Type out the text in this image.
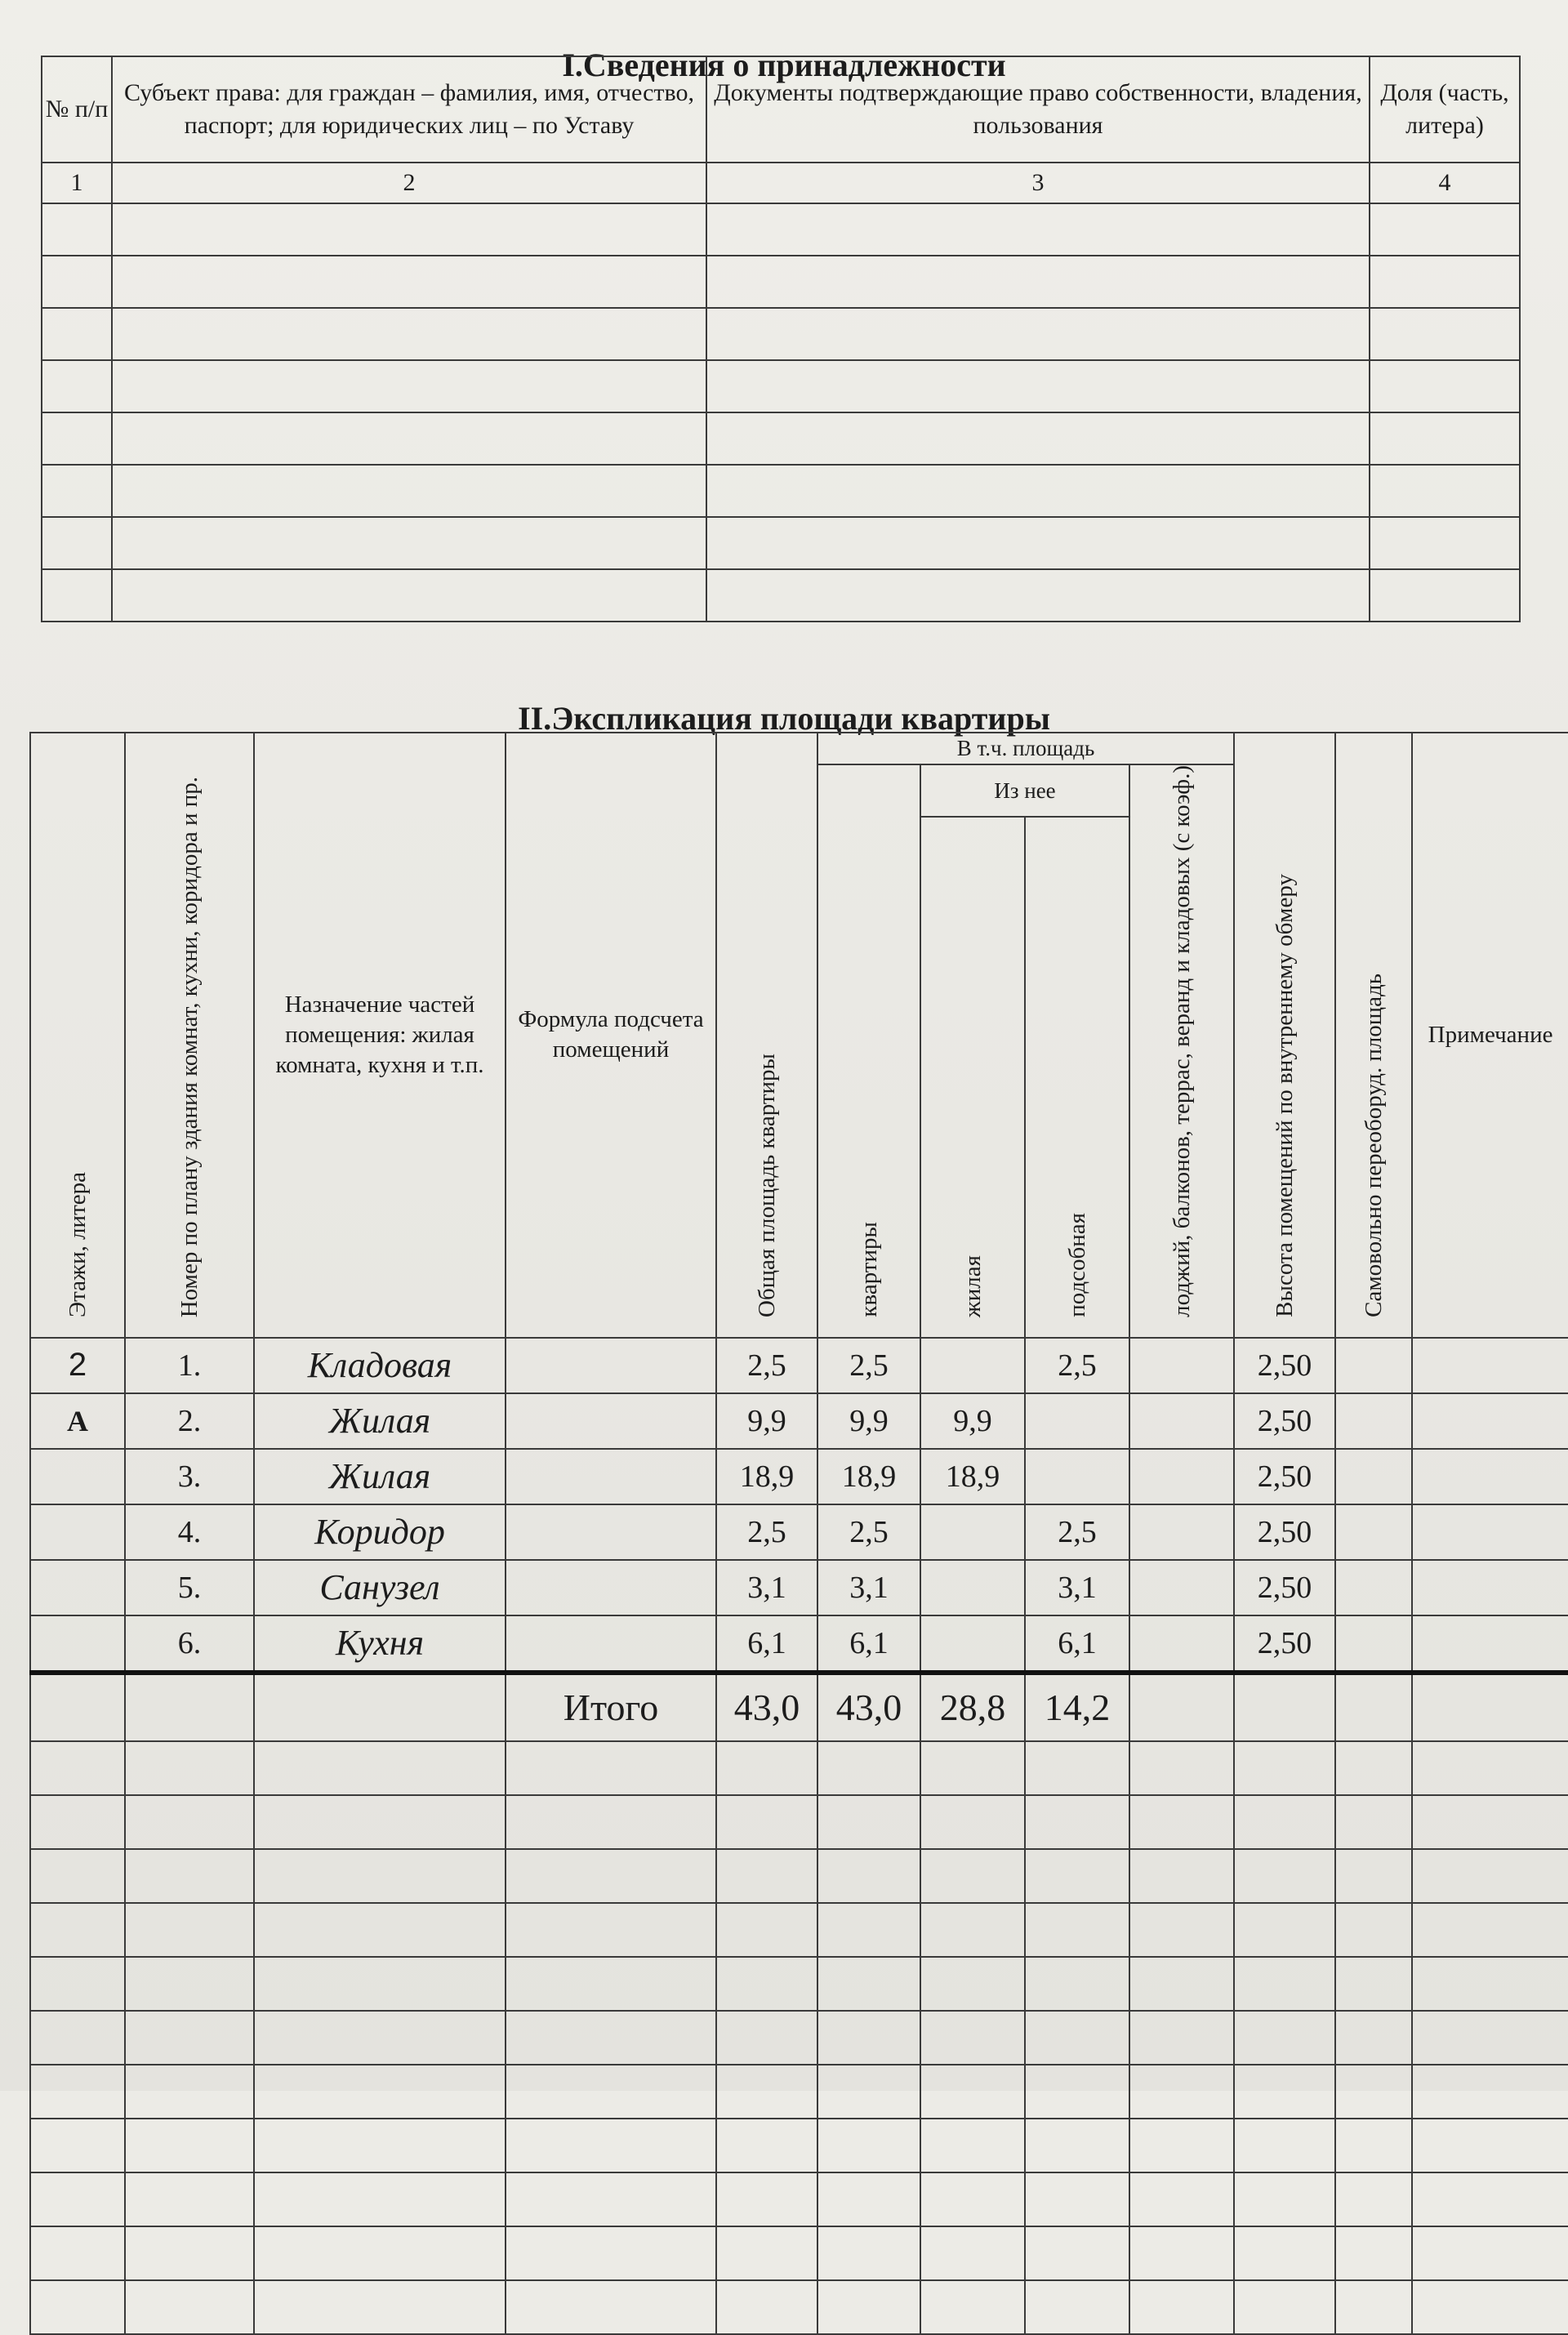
I.Сведения о принадлежности
№ п/п	Субъект права: для граждан – фамилия, имя, отчество, паспорт; для юридических лиц – по Уставу	Документы подтверждающие право собственности, владения, пользования	Доля (часть, литера)
1	2	3	4

II.Экспликация площади квартиры
Этажи, литера	Номер по плану здания комнат, кухни, коридора и пр.	Назначение частей помещения: жилая комната, кухня и т.п.	Формула подсчета помещений	Общая площадь квартиры	В т.ч. площадь				Высота помещений по внутреннему обмеру	Самовольно переоборуд. площадь	Примечание
					квартиры	Из нее		лоджий, балконов, террас, веранд и кладовых (с коэф.)			
						жилая	подсобная				
2	1.	Кладовая		2,5	2,5		2,5		2,50		
А	2.	Жилая		9,9	9,9	9,9			2,50		
	3.	Жилая		18,9	18,9	18,9			2,50		
	4.	Коридор		2,5	2,5		2,5		2,50		
	5.	Санузел		3,1	3,1		3,1		2,50		
	6.	Кухня		6,1	6,1		6,1		2,50		
			Итого	43,0	43,0	28,8	14,2				
